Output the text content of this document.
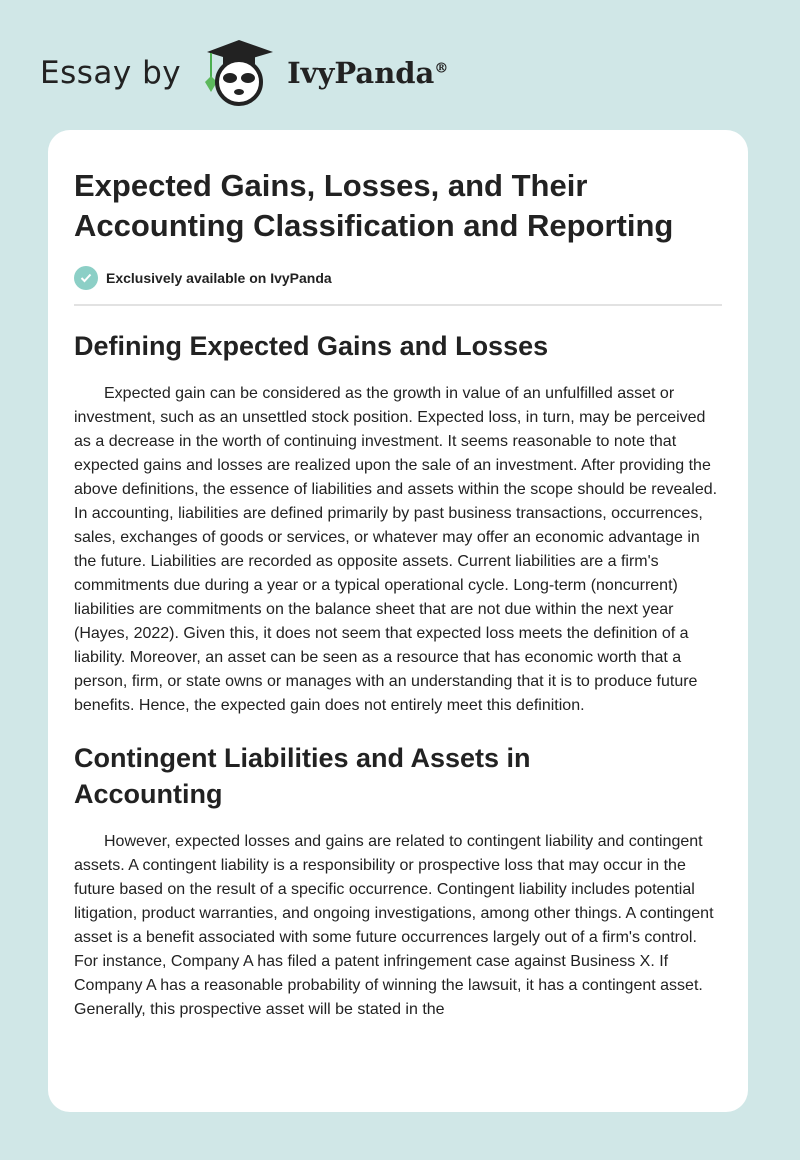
Essay by	IvyPanda®
Expected Gains, Losses, and Their Accounting Classification and Reporting
Exclusively available on IvyPanda
Defining Expected Gains and Losses

Expected gain can be considered as the growth in value of an unfulfilled asset or investment, such as an unsettled stock position. Expected loss, in turn, may be perceived as a decrease in the worth of continuing investment. It seems reasonable to note that expected gains and losses are realized upon the sale of an investment. After providing the above definitions, the essence of liabilities and assets within the scope should be revealed. In accounting, liabilities are defined primarily by past business transactions, occurrences, sales, exchanges of goods or services, or whatever may offer an economic advantage in the future. Liabilities are recorded as opposite assets. Current liabilities are a firm's commitments due during a year or a typical operational cycle. Long-term (noncurrent) liabilities are commitments on the balance sheet that are not due within the next year (Hayes, 2022). Given this, it does not seem that expected loss meets the definition of a liability. Moreover, an asset can be seen as a resource that has economic worth that a person, firm, or state owns or manages with an understanding that it is to produce future benefits. Hence, the expected gain does not entirely meet this definition.

Contingent Liabilities and Assets in Accounting

However, expected losses and gains are related to contingent liability and contingent assets. A contingent liability is a responsibility or prospective loss that may occur in the future based on the result of a specific occurrence. Contingent liability includes potential litigation, product warranties, and ongoing investigations, among other things. A contingent asset is a benefit associated with some future occurrences largely out of a firm's control. For instance, Company A has filed a patent infringement case against Business X. If Company A has a reasonable probability of winning the lawsuit, it has a contingent asset. Generally, this prospective asset will be stated in the
